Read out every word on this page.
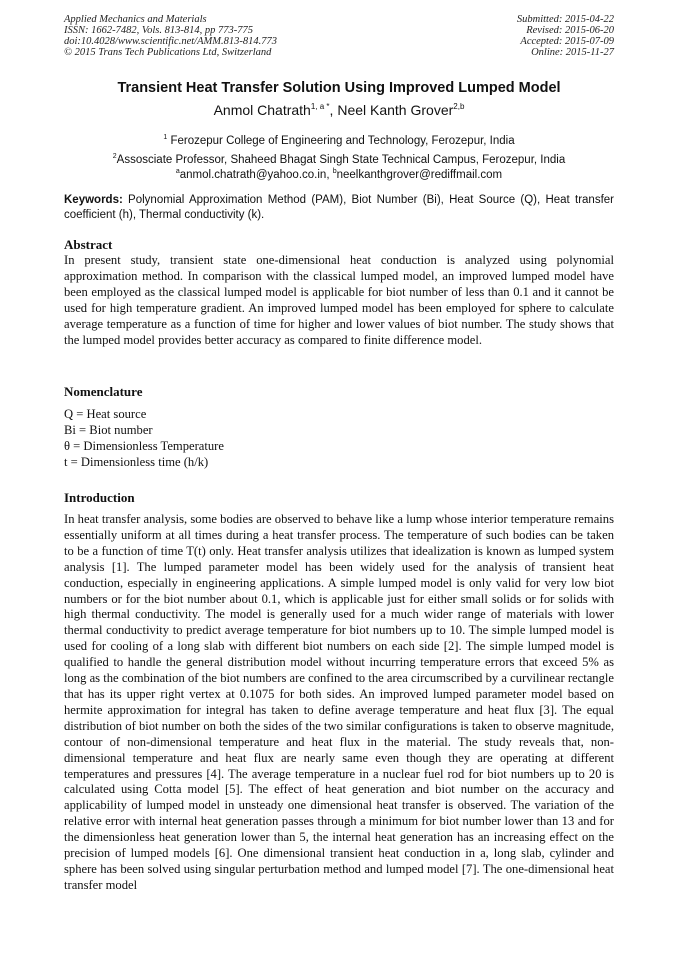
Applied Mechanics and Materials
ISSN: 1662-7482, Vols. 813-814, pp 773-775
doi:10.4028/www.scientific.net/AMM.813-814.773
© 2015 Trans Tech Publications Ltd, Switzerland
Submitted: 2015-04-22
Revised: 2015-06-20
Accepted: 2015-07-09
Online: 2015-11-27
Transient Heat Transfer Solution Using Improved Lumped Model
Anmol Chatrath$^{1, a *}$, Neel Kanth Grover$^{2,b}$
$^1$ Ferozepur College of Engineering and Technology, Ferozepur, India
$^2$Assosciate Professor, Shaheed Bhagat Singh State Technical Campus, Ferozepur, India
$^a$anmol.chatrath@yahoo.co.in, $^b$neelkanthgrover@rediffmail.com
Keywords: Polynomial Approximation Method (PAM), Biot Number (Bi), Heat Source (Q), Heat transfer coefficient (h), Thermal conductivity (k).
Abstract
In present study, transient state one-dimensional heat conduction is analyzed using polynomial approximation method. In comparison with the classical lumped model, an improved lumped model have been employed as the classical lumped model is applicable for biot number of less than 0.1 and it cannot be used for high temperature gradient. An improved lumped model has been employed for sphere to calculate average temperature as a function of time for higher and lower values of biot number. The study shows that the lumped model provides better accuracy as compared to finite difference model.
Nomenclature
Q = Heat source
Bi = Biot number
θ = Dimensionless Temperature
t = Dimensionless time (h/k)
Introduction
In heat transfer analysis, some bodies are observed to behave like a lump whose interior temperature remains essentially uniform at all times during a heat transfer process. The temperature of such bodies can be taken to be a function of time T(t) only. Heat transfer analysis utilizes that idealization is known as lumped system analysis [1]. The lumped parameter model has been widely used for the analysis of transient heat conduction, especially in engineering applications. A simple lumped model is only valid for very low biot numbers or for the biot number about 0.1, which is applicable just for either small solids or for solids with high thermal conductivity. The model is generally used for a much wider range of materials with lower thermal conductivity to predict average temperature for biot numbers up to 10. The simple lumped model is used for cooling of a long slab with different biot numbers on each side [2]. The simple lumped model is qualified to handle the general distribution model without incurring temperature errors that exceed 5% as long as the combination of the biot numbers are confined to the area circumscribed by a curvilinear rectangle that has its upper right vertex at 0.1075 for both sides. An improved lumped parameter model based on hermite approximation for integral has taken to define average temperature and heat flux [3]. The equal distribution of biot number on both the sides of the two similar configurations is taken to observe magnitude, contour of non-dimensional temperature and heat flux in the material. The study reveals that, non-dimensional temperature and heat flux are nearly same even though they are operating at different temperatures and pressures [4]. The average temperature in a nuclear fuel rod for biot numbers up to 20 is calculated using Cotta model [5]. The effect of heat generation and biot number on the accuracy and applicability of lumped model in unsteady one dimensional heat transfer is observed. The variation of the relative error with internal heat generation passes through a minimum for biot number lower than 13 and for the dimensionless heat generation lower than 5, the internal heat generation has an increasing effect on the precision of lumped models [6]. One dimensional transient heat conduction in a, long slab, cylinder and sphere has been solved using singular perturbation method and lumped model [7]. The one-dimensional heat transfer model
